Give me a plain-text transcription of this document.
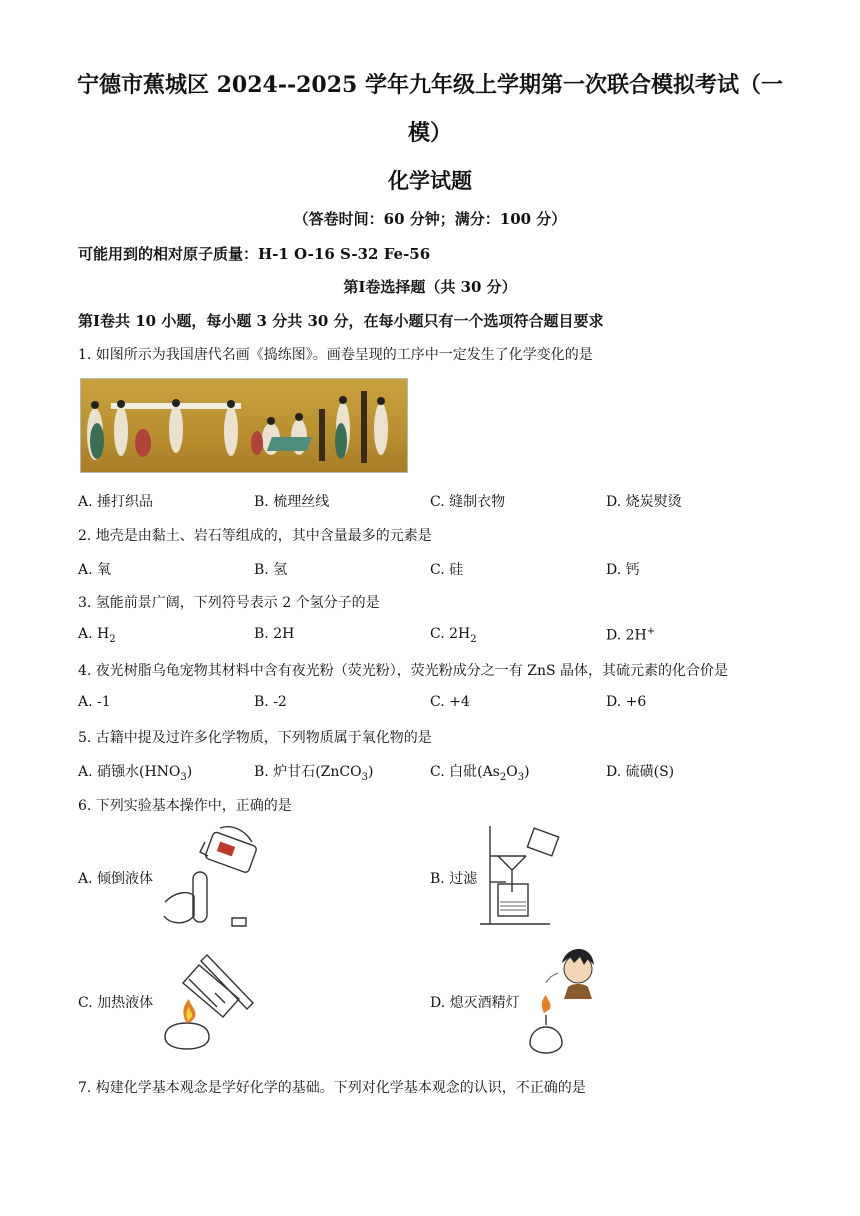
宁德市蕉城区 2024--2025 学年九年级上学期第一次联合模拟考试（一
模）
化学试题
（答卷时间：60 分钟；满分：100 分）
可能用到的相对原子质量：H-1 O-16 S-32 Fe-56
第Ⅰ卷选择题（共 30 分）
第Ⅰ卷共 10 小题，每小题 3 分共 30 分，在每小题只有一个选项符合题目要求
1. 如图所示为我国唐代名画《捣练图》。画卷呈现的工序中一定发生了化学变化的是
A. 捶打织品	B. 梳理丝线	C. 缝制衣物	D. 烧炭熨烫
2. 地壳是由黏土、岩石等组成的，其中含量最多的元素是
A. 氧	B. 氢	C. 硅	D. 钙
3. 氢能前景广阔，下列符号表示 2 个氢分子的是
A. $H_2$	B. 2H	C. $2H_2$	D. 2H+
4. 夜光树脂乌龟宠物其材料中含有夜光粉（荧光粉），荧光粉成分之一有 ZnS 晶体，其硫元素的化合价是
A. -1	B. -2	C. +4	D. +6
5. 古籍中提及过许多化学物质，下列物质属于氧化物的是
A. 硝镪水$(HNO_3)$	B. 炉甘石(ZnCO$_3$)	C. 白砒$(As_2O_3)$	D. 硫磺(S)
6. 下列实验基本操作中，正确的是
A. 倾倒液体	B. 过滤
C. 加热液体	D. 熄灭酒精灯
7. 构建化学基本观念是学好化学的基础。下列对化学基本观念的认识，不正确的是
